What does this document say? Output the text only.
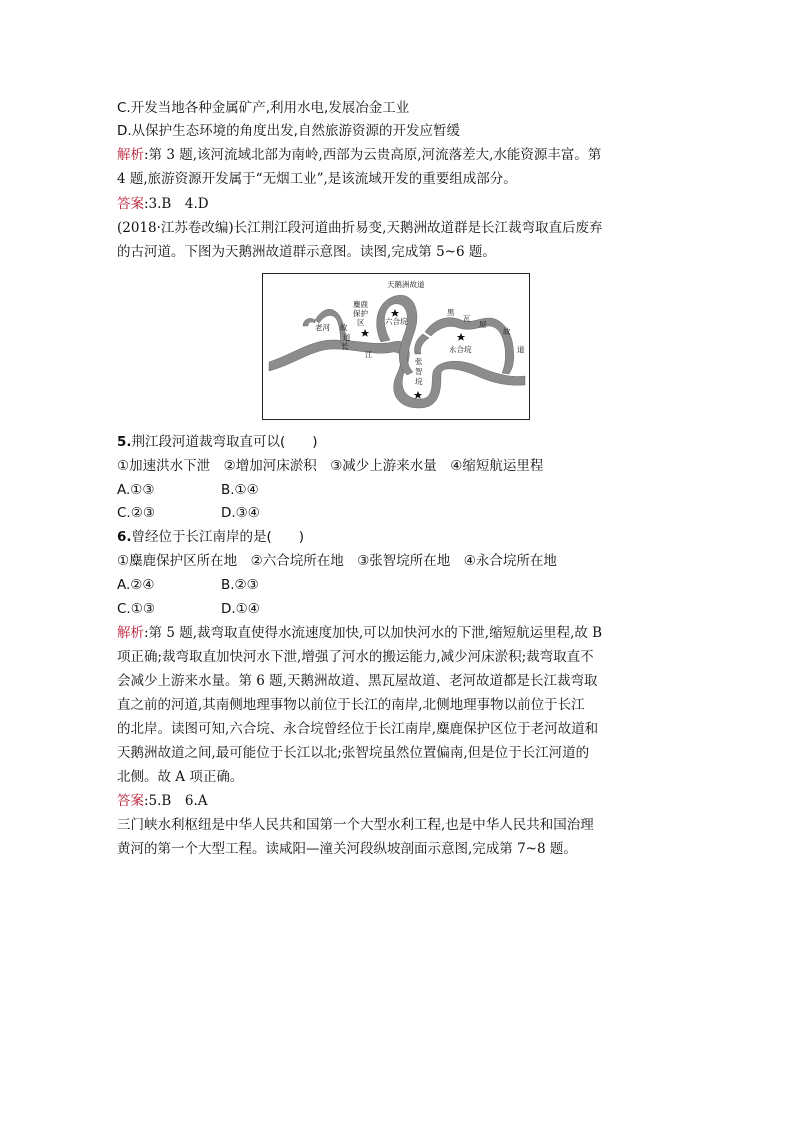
C.开发当地各种金属矿产,利用水电,发展冶金工业
D.从保护生态环境的角度出发,自然旅游资源的开发应暂缓
解析:第 3 题,该河流域北部为南岭,西部为云贵高原,河流落差大,水能资源丰富。第
4 题,旅游资源开发属于“无烟工业”,是该流域开发的重要组成部分。
答案:3.B　4.D
(2018·江苏卷改编)长江荆江段河道曲折易变,天鹅洲故道群是长江裁弯取直后废弃
的古河道。下图为天鹅洲故道群示意图。读图,完成第 5~6 题。
天鹅洲故道
麋鹿
保护
区
老河 故
道
长
江
六合垸
黑
瓦
屋
故
道
永合垸
张
智
垸
5.荆江段河道裁弯取直可以(　　)
①加速洪水下泄　②增加河床淤积　③减少上游来水量　④缩短航运里程
A.①③	B.①④
C.②③	D.③④
6.曾经位于长江南岸的是(　　)
①麋鹿保护区所在地　②六合垸所在地　③张智垸所在地　④永合垸所在地
A.②④	B.②③
C.①③	D.①④
解析:第 5 题,裁弯取直使得水流速度加快,可以加快河水的下泄,缩短航运里程,故 B
项正确;裁弯取直加快河水下泄,增强了河水的搬运能力,减少河床淤积;裁弯取直不
会减少上游来水量。第 6 题,天鹅洲故道、黑瓦屋故道、老河故道都是长江裁弯取
直之前的河道,其南侧地理事物以前位于长江的南岸,北侧地理事物以前位于长江
的北岸。读图可知,六合垸、永合垸曾经位于长江南岸,麋鹿保护区位于老河故道和
天鹅洲故道之间,最可能位于长江以北;张智垸虽然位置偏南,但是位于长江河道的
北侧。故 A 项正确。
答案:5.B　6.A
三门峡水利枢纽是中华人民共和国第一个大型水利工程,也是中华人民共和国治理
黄河的第一个大型工程。读咸阳—潼关河段纵坡剖面示意图,完成第 7~8 题。
